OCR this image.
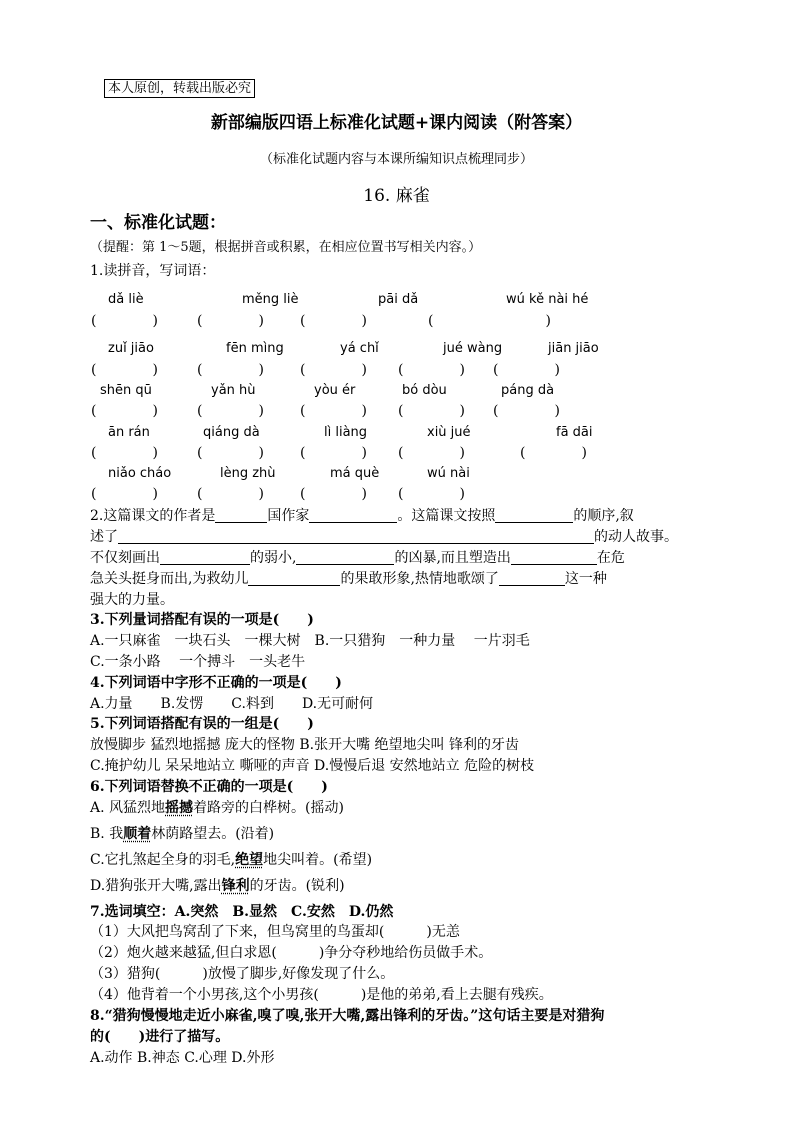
本人原创，转载出版必究
新部编版四语上标准化试题+课内阅读（附答案）
（标准化试题内容与本课所编知识点梳理同步）
16. 麻雀
一、标准化试题：
（提醒：第 1～5题，根据拼音或积累，在相应位置书写相关内容。）
1.读拼音，写词语：
dǎ liè	měng liè	pāi dǎ	wú kě nài hé
(　　　　)	(　　　　)	(　　　　)	(　　　　　　　　)
zuǐ jiāo	fēn mìng	yá chǐ	jué wàng	jiān jiāo
(　　　　)	(　　　　)	(　　　　) (　　　　) (　　　　)
shēn qū	yǎn hù	yòu ér	bó dòu	páng dà
(　　　　)	(　　　　)	(　　　　) (　　　　) (　　　　)
ān rán	qiáng dà	lì liàng	xiù jué	fā dāi
(　　　　)	(　　　　)	(　　　　) (　　　　)	(　　　　)
niǎo cháo	lèng zhù	má què	wú nài
(　　　　)	(　　　　)	(　　　　) (　　　　)
2.这篇课文的作者是	国作家	。这篇课文按照	的顺序,叙
述了	的动人故事。
不仅刻画出	的弱小,	的凶暴,而且塑造出	在危
急关头挺身而出,为救幼儿	的果敢形象,热情地歌颂了	这一种
强大的力量。
3.下列量词搭配有误的一项是(　　)
A.一只麻雀　一块石头　一棵大树　B.一只猎狗　一种力量　 一片羽毛
C.一条小路　 一个搏斗　一头老牛
4.下列词语中字形不正确的一项是(　　)
A.力量　　B.发愣　　C.料到　　D.无可耐何
5.下列词语搭配有误的一组是(　　)
放慢脚步 猛烈地摇撼 庞大的怪物 B.张开大嘴 绝望地尖叫 锋利的牙齿
C.掩护幼儿 呆呆地站立 嘶哑的声音 D.慢慢后退 安然地站立 危险的树枝
6.下列词语替换不正确的一项是(　　)
A. 风猛烈地摇撼着路旁的白桦树。(摇动)
B. 我顺着林荫路望去。(沿着)
C.它扎煞起全身的羽毛,绝望地尖叫着。(希望)
D.猎狗张开大嘴,露出锋利的牙齿。(锐利)
7.选词填空：A.突然　B.显然　C.安然　D.仍然
（1）大风把鸟窝刮了下来，但鸟窝里的鸟蛋却(　　　)无恙
（2）炮火越来越猛,但白求恩(　　　)争分夺秒地给伤员做手术。
（3）猎狗(　　　)放慢了脚步,好像发现了什么。
（4）他背着一个小男孩,这个小男孩(　　　)是他的弟弟,看上去腿有残疾。
8.“猎狗慢慢地走近小麻雀,嗅了嗅,张开大嘴,露出锋利的牙齿。”这句话主要是对猎狗
的(　　)进行了描写。
A.动作 B.神态 C.心理 D.外形
